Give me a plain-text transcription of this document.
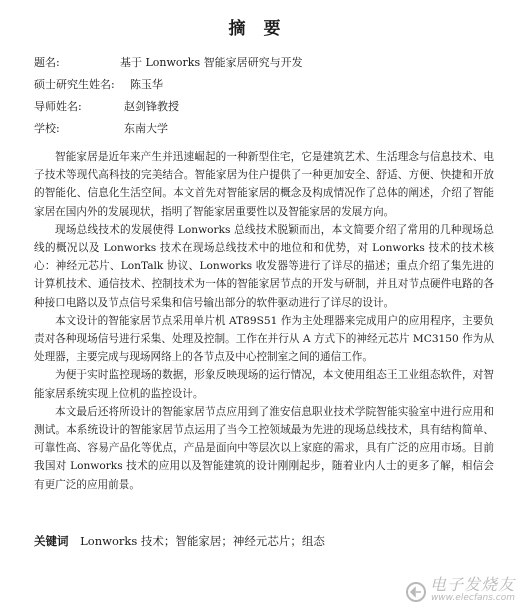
摘要
题名:	基于 Lonworks 智能家居研究与开发
硕士研究生姓名:	陈玉华
导师姓名:	赵剑锋教授
学校:	东南大学

智能家居是近年来产生并迅速崛起的一种新型住宅，它是建筑艺术、生活理念与信息技术、电子技术等现代高科技的完美结合。智能家居为住户提供了一种更加安全、舒适、方便、快捷和开放的智能化、信息化生活空间。本文首先对智能家居的概念及构成情况作了总体的阐述，介绍了智能家居在国内外的发展现状，指明了智能家居重要性以及智能家居的发展方向。

现场总线技术的发展使得 Lonworks 总线技术脱颖而出，本文简要介绍了常用的几种现场总线的概况以及 Lonworks 技术在现场总线技术中的地位和和优势，对 Lonworks 技术的技术核心：神经元芯片、LonTalk 协议、Lonworks 收发器等进行了详尽的描述；重点介绍了集先进的计算机技术、通信技术、控制技术为一体的智能家居节点的开发与研制，并且对节点硬件电路的各种接口电路以及节点信号采集和信号输出部分的软件驱动进行了详尽的设计。

本文设计的智能家居节点采用单片机 AT89S51 作为主处理器来完成用户的应用程序，主要负责对各种现场信号进行采集、处理及控制。工作在并行从 A 方式下的神经元芯片 MC3150 作为从处理器，主要完成与现场网络上的各节点及中心控制室之间的通信工作。

为便于实时监控现场的数据，形象反映现场的运行情况，本文使用组态王工业组态软件，对智能家居系统实现上位机的监控设计。

本文最后还将所设计的智能家居节点应用到了淮安信息职业技术学院智能实验室中进行应用和测试。本系统设计的智能家居节点运用了当今工控领域最为先进的现场总线技术，具有结构简单、可靠性高、容易产品化等优点，产品是面向中等层次以上家庭的需求，具有广泛的应用市场。目前我国对 Lonworks 技术的应用以及智能建筑的设计刚刚起步，随着业内人士的更多了解，相信会有更广泛的应用前景。

关键词 Lonworks 技术；智能家居；神经元芯片；组态
电子发烧友
www.elecfans.com
